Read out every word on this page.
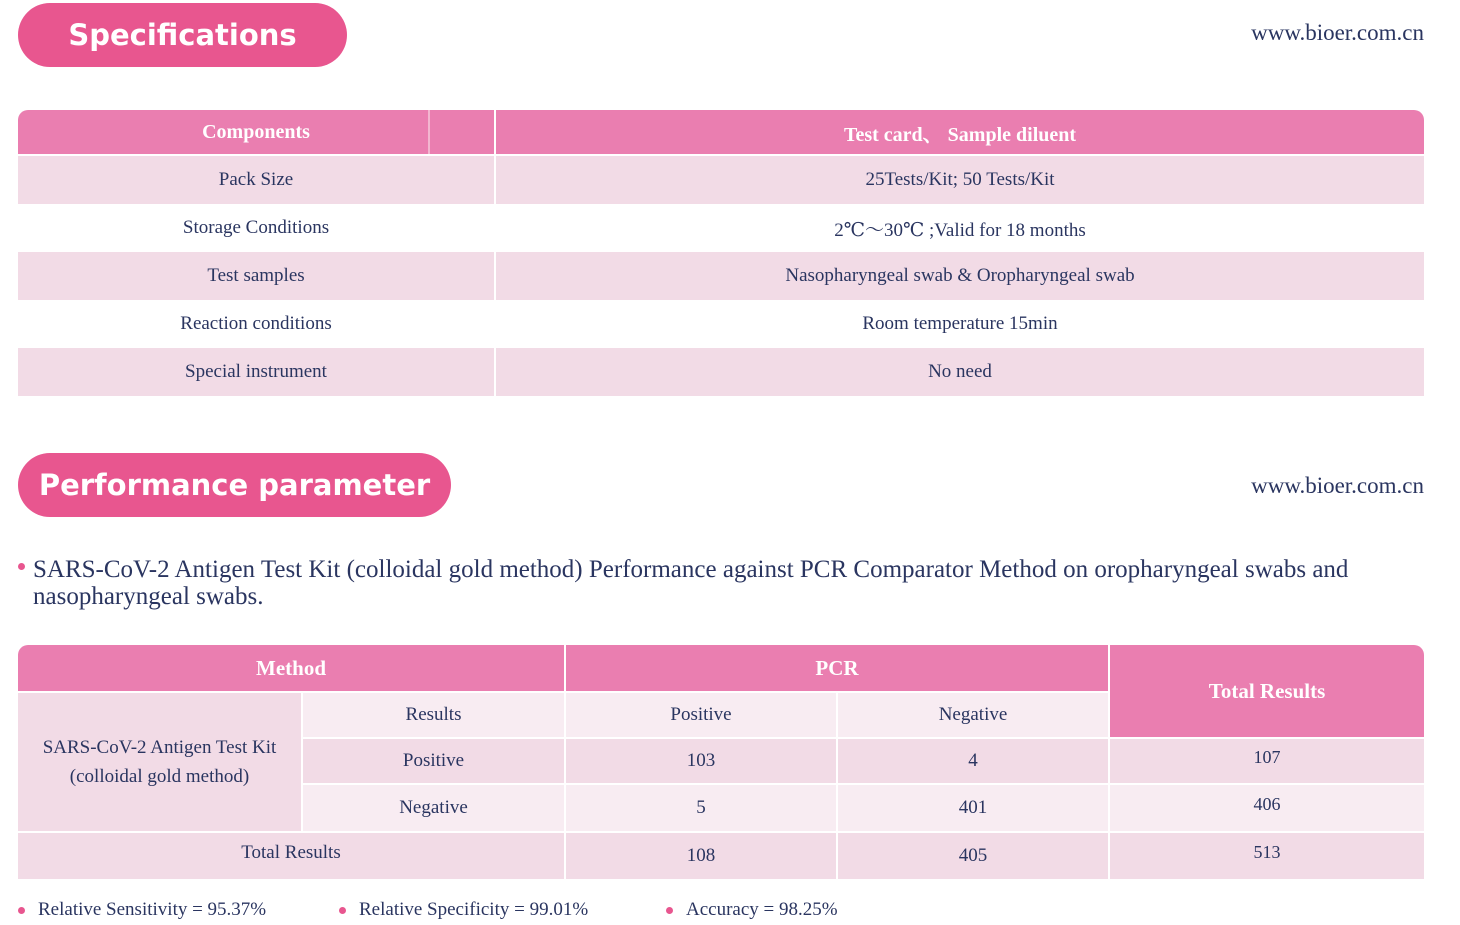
Specifications	www.bioer.com.cn
Components	Test card、 Sample diluent
Pack Size	25Tests/Kit; 50 Tests/Kit
Storage Conditions	2℃～30℃ ;Valid for 18 months
Test samples	Nasopharyngeal swab & Oropharyngeal swab
Reaction conditions	Room temperature 15min
Special instrument	No need
Performance parameter	www.bioer.com.cn
SARS-CoV-2 Antigen Test Kit (colloidal gold method) Performance against PCR Comparator Method on oropharyngeal swabs and nasopharyngeal swabs.
Method	PCR
Total Results
SARS-CoV-2 Antigen Test Kit (colloidal gold method)
Results	Positive	Negative
Positive	103	4	107
Negative	5	401	406
Total Results	108	405	513
Relative Sensitivity = 95.37%	Relative Specificity = 99.01%	Accuracy = 98.25%
